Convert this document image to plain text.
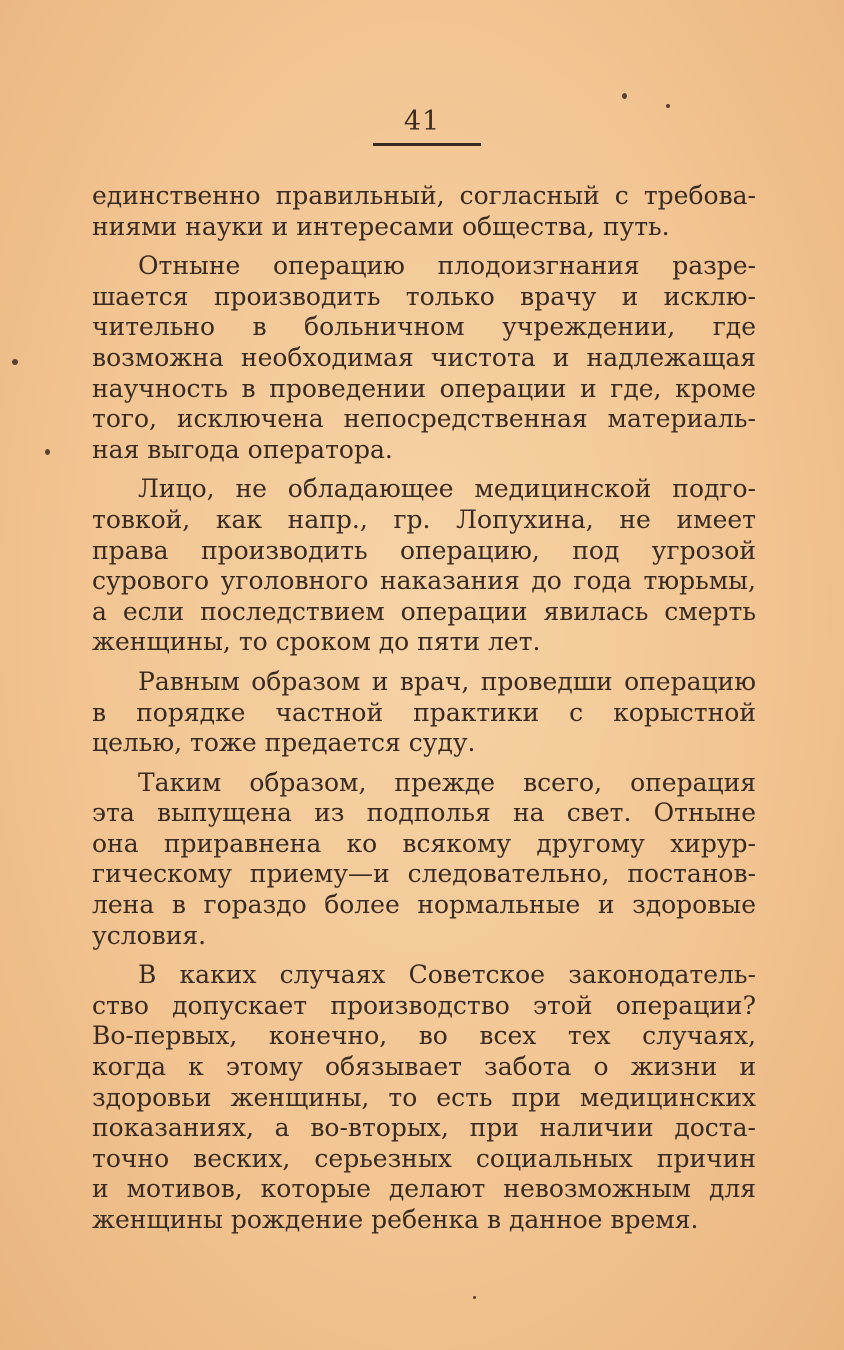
41
единственно правильный, согласный с требова-
ниями науки и интересами общества, путь.
Отныне операцию плодоизгнания разре-
шается производить только врачу и исклю-
чительно в больничном учреждении, где
возможна необходимая чистота и надлежащая
научность в проведении операции и где, кроме
того, исключена непосредственная материаль-
ная выгода оператора.
Лицо, не обладающее медицинской подго-
товкой, как напр., гр. Лопухина, не имеет
права производить операцию, под угрозой
сурового уголовного наказания до года тюрьмы,
а если последствием операции явилась смерть
женщины, то сроком до пяти лет.
Равным образом и врач, проведши операцию
в порядке частной практики с корыстной
целью, тоже предается суду.
Таким образом, прежде всего, операция
эта выпущена из подполья на свет. Отныне
она приравнена ко всякому другому хирур-
гическому приему—и следовательно, постанов-
лена в гораздо более нормальные и здоровые
условия.
В каких случаях Советское законодатель-
ство допускает производство этой операции?
Во-первых, конечно, во всех тех случаях,
когда к этому обязывает забота о жизни и
здоровьи женщины, то есть при медицинских
показаниях, а во-вторых, при наличии доста-
точно веских, серьезных социальных причин
и мотивов, которые делают невозможным для
женщины рождение ребенка в данное время.
